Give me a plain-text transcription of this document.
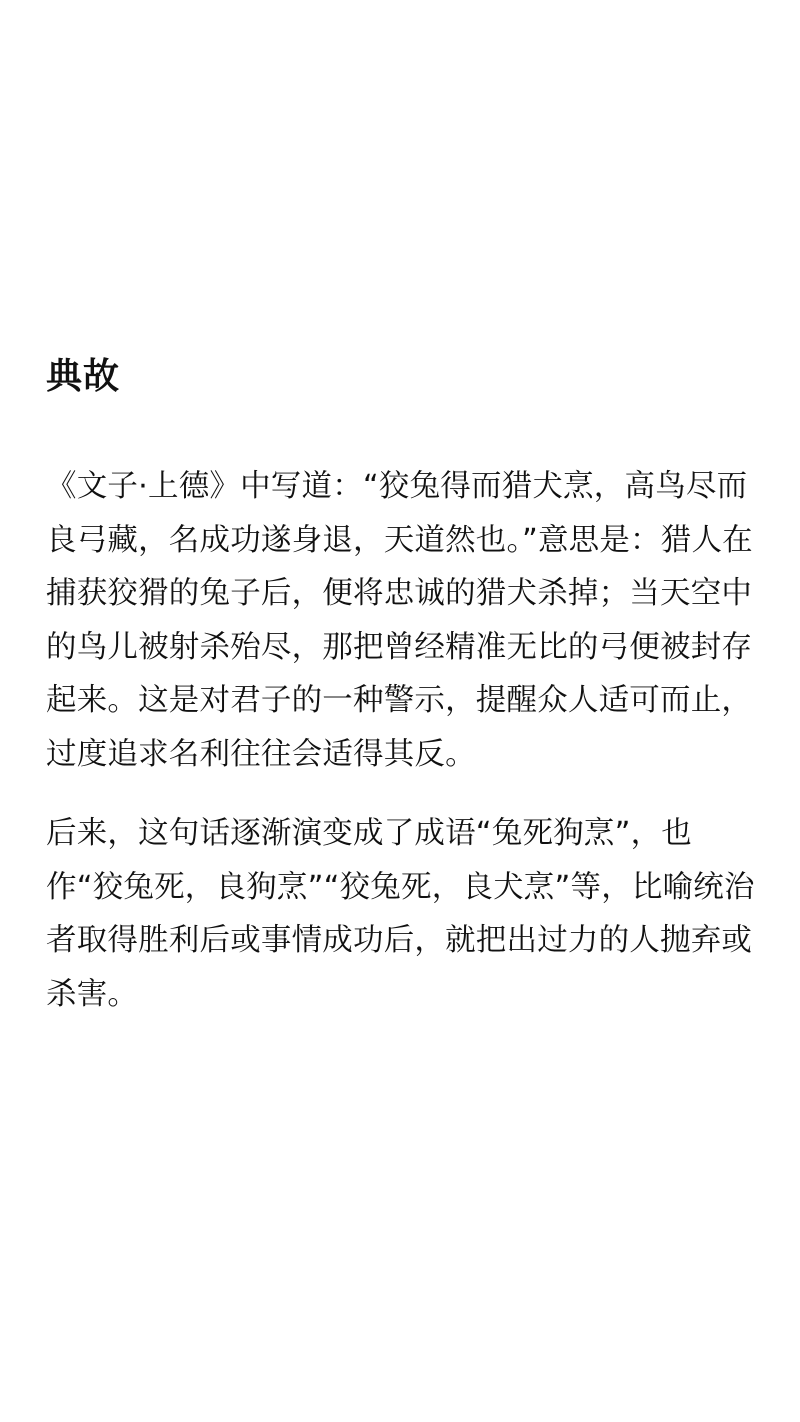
典故

《文子·上德》中写道：“狡兔得而猎犬烹，高鸟尽而良弓藏，名成功遂身退，天道然也。”意思是：猎人在捕获狡猾的兔子后，便将忠诚的猎犬杀掉；当天空中的鸟儿被射杀殆尽，那把曾经精准无比的弓便被封存起来。这是对君子的一种警示，提醒众人适可而止，过度追求名利往往会适得其反。

后来，这句话逐渐演变成了成语“兔死狗烹”，也作“狡兔死，良狗烹”“狡兔死，良犬烹”等，比喻统治者取得胜利后或事情成功后，就把出过力的人抛弃或杀害。
